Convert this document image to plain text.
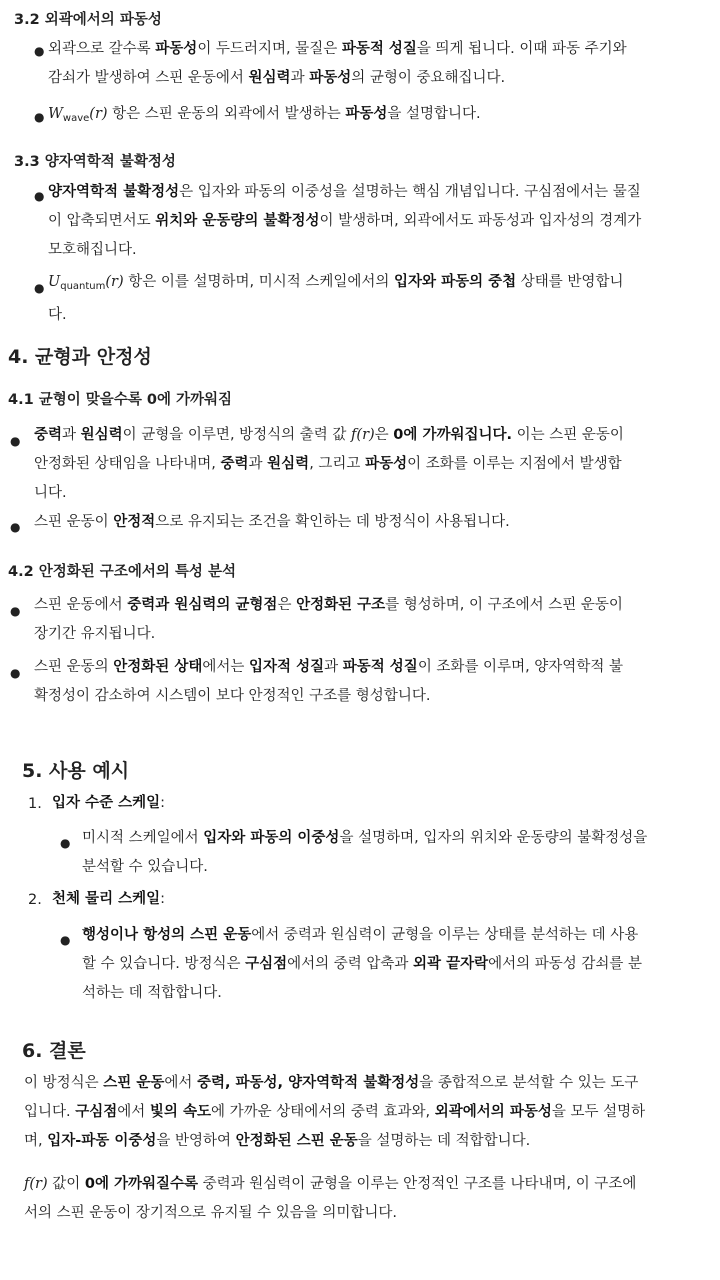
3.2 외곽에서의 파동성
● 외곽으로 갈수록 파동성이 두드러지며, 물질은 파동적 성질을 띄게 됩니다. 이때 파동 주기와
감쇠가 발생하여 스핀 운동에서 원심력과 파동성의 균형이 중요해집니다.
● $W_{wave}(r)$ 항은 스핀 운동의 외곽에서 발생하는 파동성을 설명합니다.
3.3 양자역학적 불확정성
● 양자역학적 불확정성은 입자와 파동의 이중성을 설명하는 핵심 개념입니다. 구심점에서는 물질
이 압축되면서도 위치와 운동량의 불확정성이 발생하며, 외곽에서도 파동성과 입자성의 경계가
모호해집니다.
● $U_{quantum}(r)$ 항은 이를 설명하며, 미시적 스케일에서의 입자와 파동의 중첩 상태를 반영합니
다.
4. 균형과 안정성
4.1 균형이 맞을수록 0에 가까워짐
● 중력과 원심력이 균형을 이루면, 방정식의 출력 값 f(r)은 0에 가까워집니다. 이는 스핀 운동이
안정화된 상태임을 나타내며, 중력과 원심력, 그리고 파동성이 조화를 이루는 지점에서 발생합
니다.
● 스핀 운동이 안정적으로 유지되는 조건을 확인하는 데 방정식이 사용됩니다.
4.2 안정화된 구조에서의 특성 분석
● 스핀 운동에서 중력과 원심력의 균형점은 안정화된 구조를 형성하며, 이 구조에서 스핀 운동이
장기간 유지됩니다.
● 스핀 운동의 안정화된 상태에서는 입자적 성질과 파동적 성질이 조화를 이루며, 양자역학적 불
확정성이 감소하여 시스템이 보다 안정적인 구조를 형성합니다.
5. 사용 예시
1. 입자 수준 스케일:
● 미시적 스케일에서 입자와 파동의 이중성을 설명하며, 입자의 위치와 운동량의 불확정성을
분석할 수 있습니다.
2. 천체 물리 스케일:
● 행성이나 항성의 스핀 운동에서 중력과 원심력이 균형을 이루는 상태를 분석하는 데 사용
할 수 있습니다. 방정식은 구심점에서의 중력 압축과 외곽 끝자락에서의 파동성 감쇠를 분
석하는 데 적합합니다.
6. 결론
이 방정식은 스핀 운동에서 중력, 파동성, 양자역학적 불확정성을 종합적으로 분석할 수 있는 도구
입니다. 구심점에서 빛의 속도에 가까운 상태에서의 중력 효과와, 외곽에서의 파동성을 모두 설명하
며, 입자-파동 이중성을 반영하여 안정화된 스핀 운동을 설명하는 데 적합합니다.
f(r) 값이 0에 가까워질수록 중력과 원심력이 균형을 이루는 안정적인 구조를 나타내며, 이 구조에
서의 스핀 운동이 장기적으로 유지될 수 있음을 의미합니다.
